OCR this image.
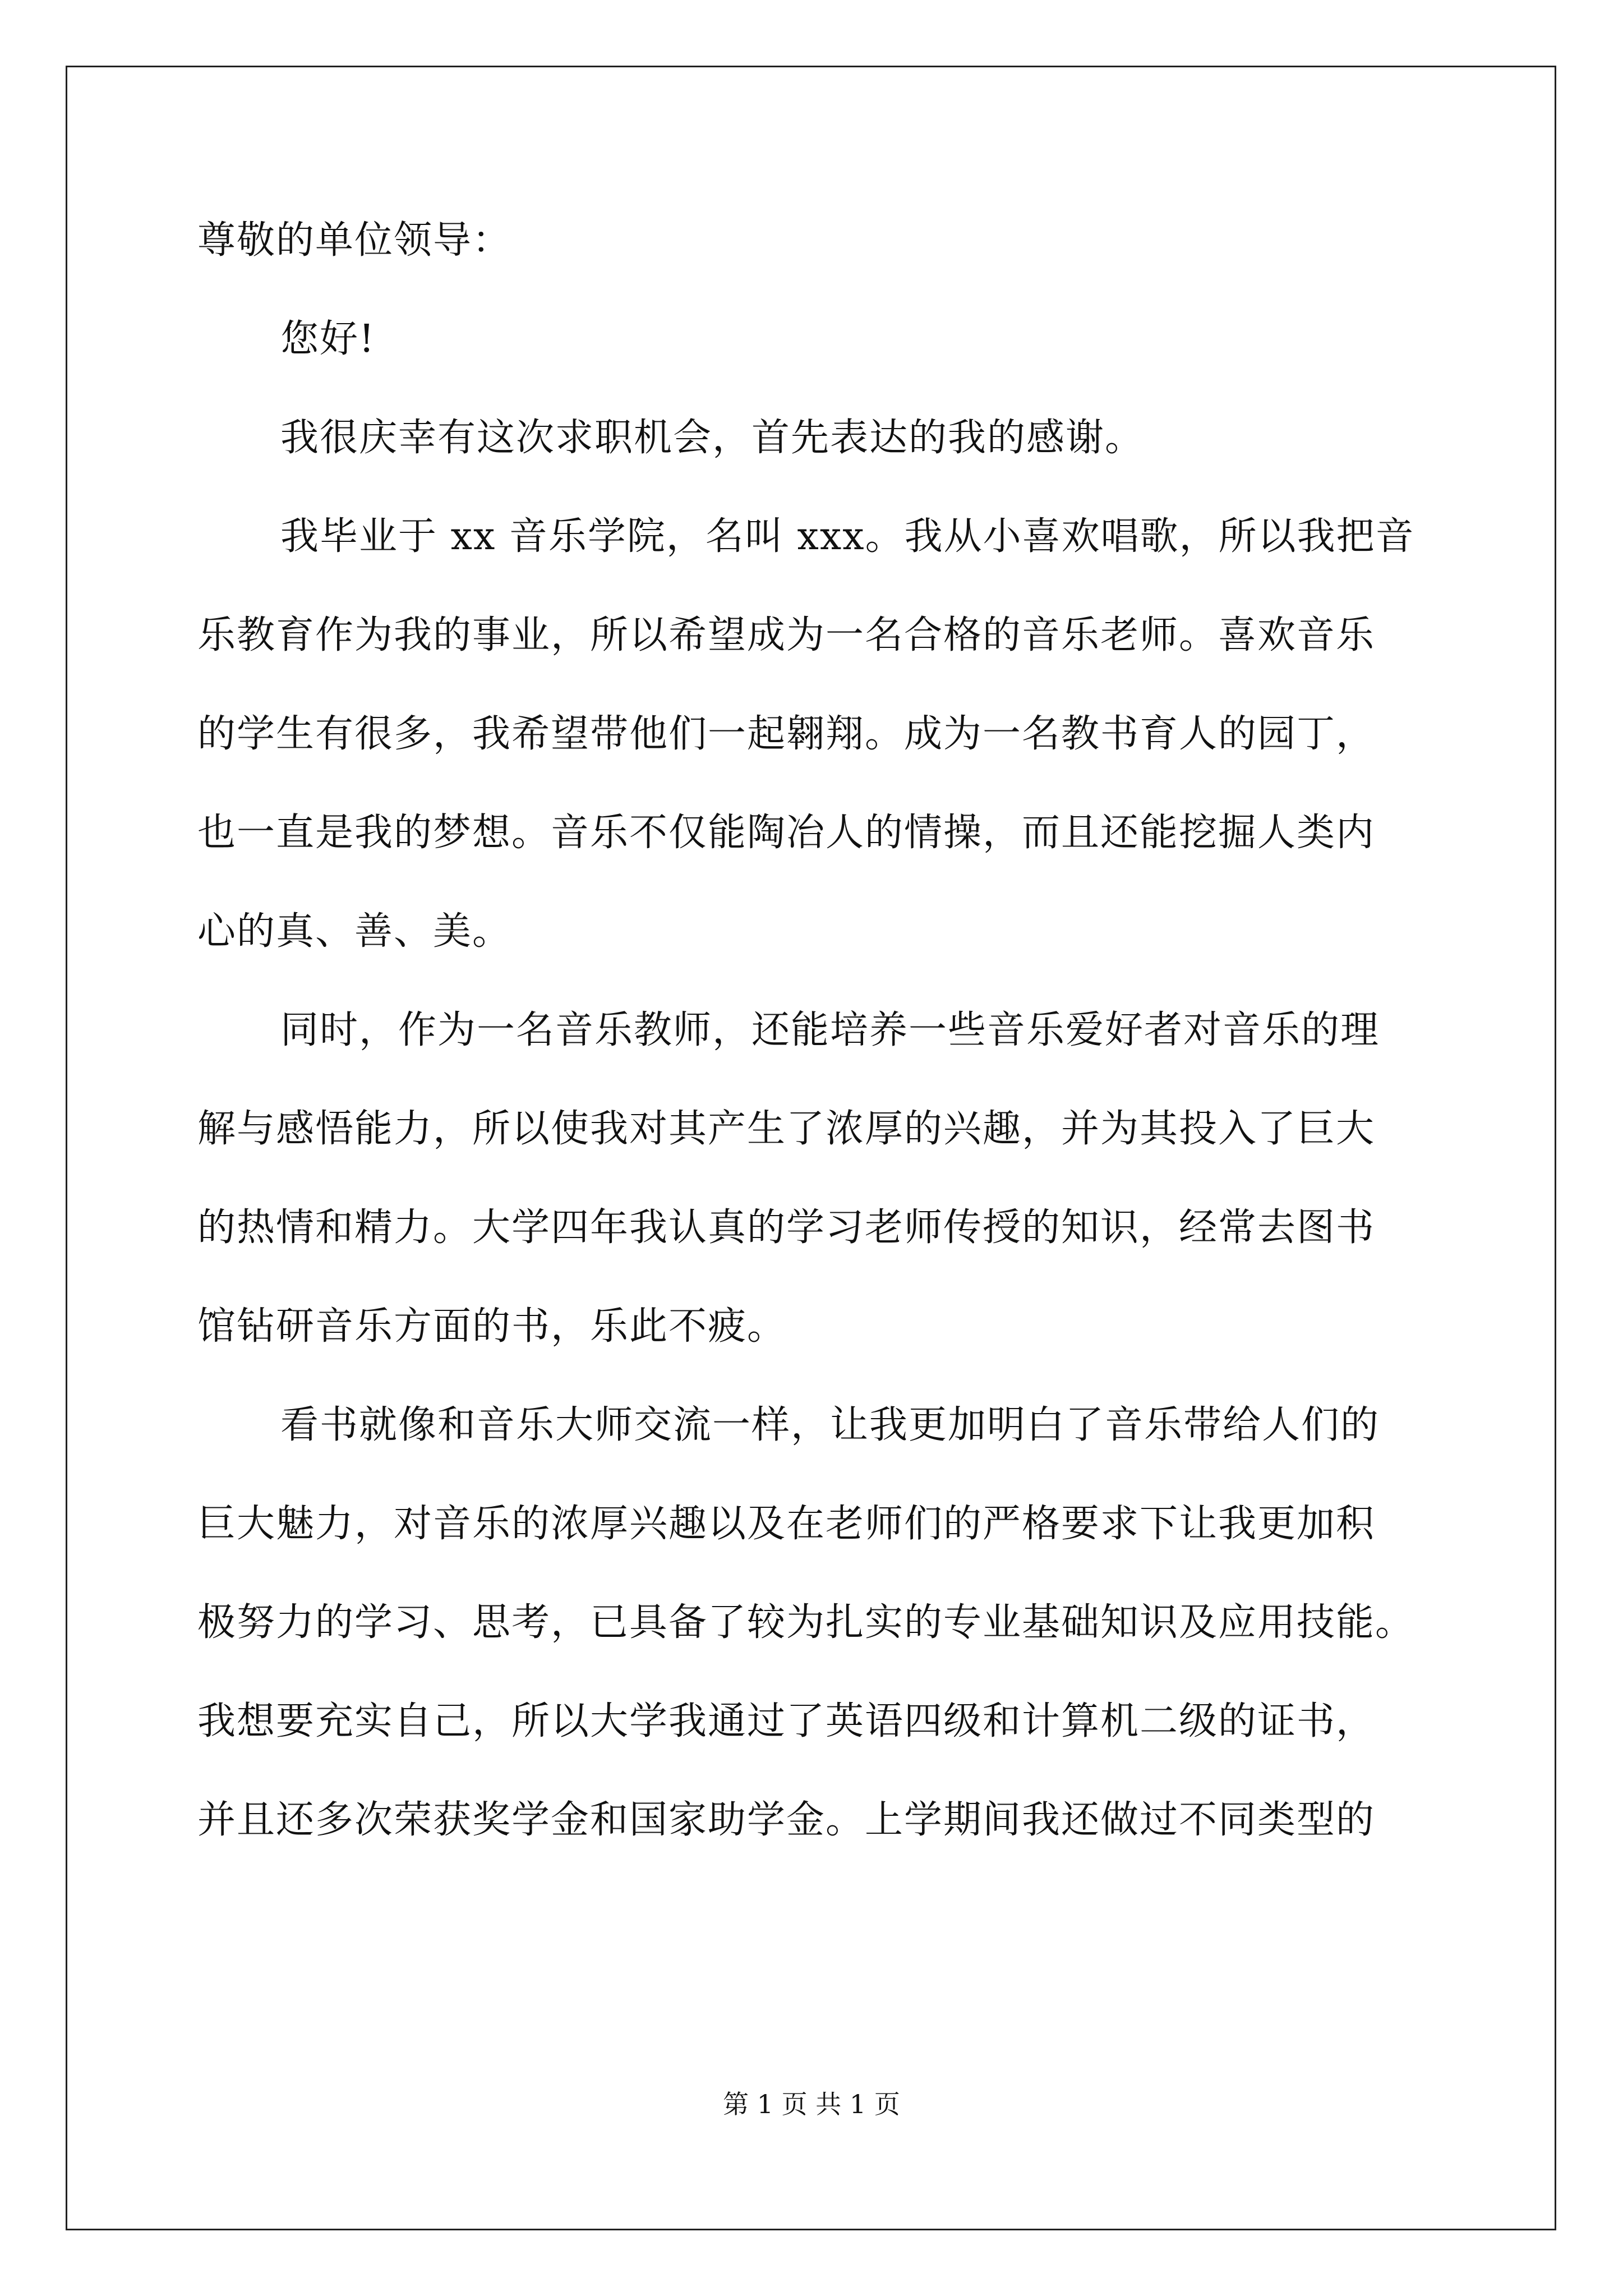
尊敬的单位领导：
您好!
我很庆幸有这次求职机会，首先表达的我的感谢。
我毕业于 xx 音乐学院，名叫 xxx。我从小喜欢唱歌，所以我把音
乐教育作为我的事业，所以希望成为一名合格的音乐老师。喜欢音乐
的学生有很多，我希望带他们一起翱翔。成为一名教书育人的园丁，
也一直是我的梦想。音乐不仅能陶冶人的情操，而且还能挖掘人类内
心的真、善、美。
同时，作为一名音乐教师，还能培养一些音乐爱好者对音乐的理
解与感悟能力，所以使我对其产生了浓厚的兴趣，并为其投入了巨大
的热情和精力。大学四年我认真的学习老师传授的知识，经常去图书
馆钻研音乐方面的书，乐此不疲。
看书就像和音乐大师交流一样，让我更加明白了音乐带给人们的
巨大魅力，对音乐的浓厚兴趣以及在老师们的严格要求下让我更加积
极努力的学习、思考，已具备了较为扎实的专业基础知识及应用技能。
我想要充实自己，所以大学我通过了英语四级和计算机二级的证书，
并且还多次荣获奖学金和国家助学金。上学期间我还做过不同类型的
第 1 页 共 1 页
